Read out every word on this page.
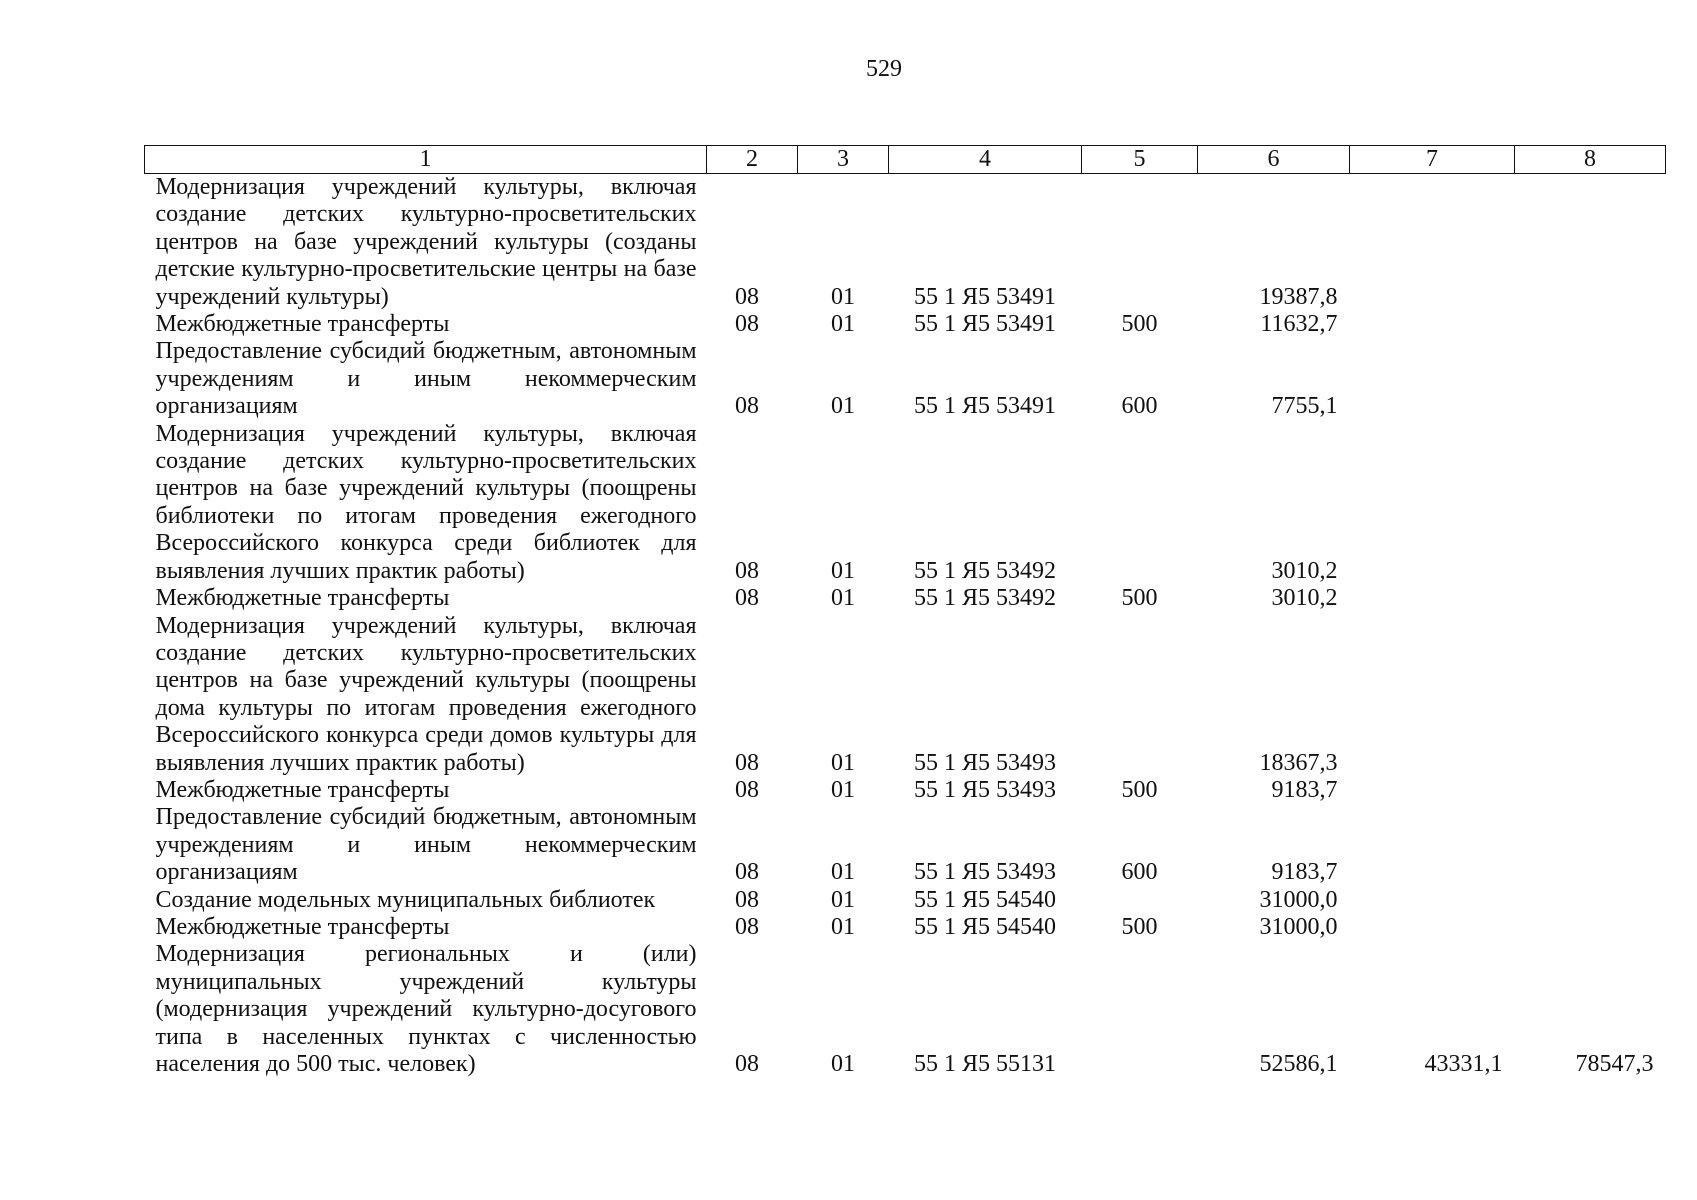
529
1	2	3	4	5	6	7	8
Модернизация учреждений культуры, включая создание детских культурно-просветительских центров на базе учреждений культуры (созданы детские культурно-просветительские центры на базе учреждений культуры)	08	01	55 1 Я5 53491		19387,8		
Межбюджетные трансферты	08	01	55 1 Я5 53491	500	11632,7		
Предоставление субсидий бюджетным, автономным учреждениям и иным некоммерческим организациям	08	01	55 1 Я5 53491	600	7755,1		
Модернизация учреждений культуры, включая создание детских культурно-просветительских центров на базе учреждений культуры (поощрены библиотеки по итогам проведения ежегодного Всероссийского конкурса среди библиотек для выявления лучших практик работы)	08	01	55 1 Я5 53492		3010,2		
Межбюджетные трансферты	08	01	55 1 Я5 53492	500	3010,2		
Модернизация учреждений культуры, включая создание детских культурно-просветительских центров на базе учреждений культуры (поощрены дома культуры по итогам проведения ежегодного Всероссийского конкурса среди домов культуры для выявления лучших практик работы)	08	01	55 1 Я5 53493		18367,3		
Межбюджетные трансферты	08	01	55 1 Я5 53493	500	9183,7		
Предоставление субсидий бюджетным, автономным учреждениям и иным некоммерческим организациям	08	01	55 1 Я5 53493	600	9183,7		
Создание модельных муниципальных библиотек	08	01	55 1 Я5 54540		31000,0		
Межбюджетные трансферты	08	01	55 1 Я5 54540	500	31000,0		
Модернизация региональных и (или) муниципальных учреждений культуры (модернизация учреждений культурно-досугового типа в населенных пунктах с численностью населения до 500 тыс. человек)	08	01	55 1 Я5 55131		52586,1	43331,1	78547,3
